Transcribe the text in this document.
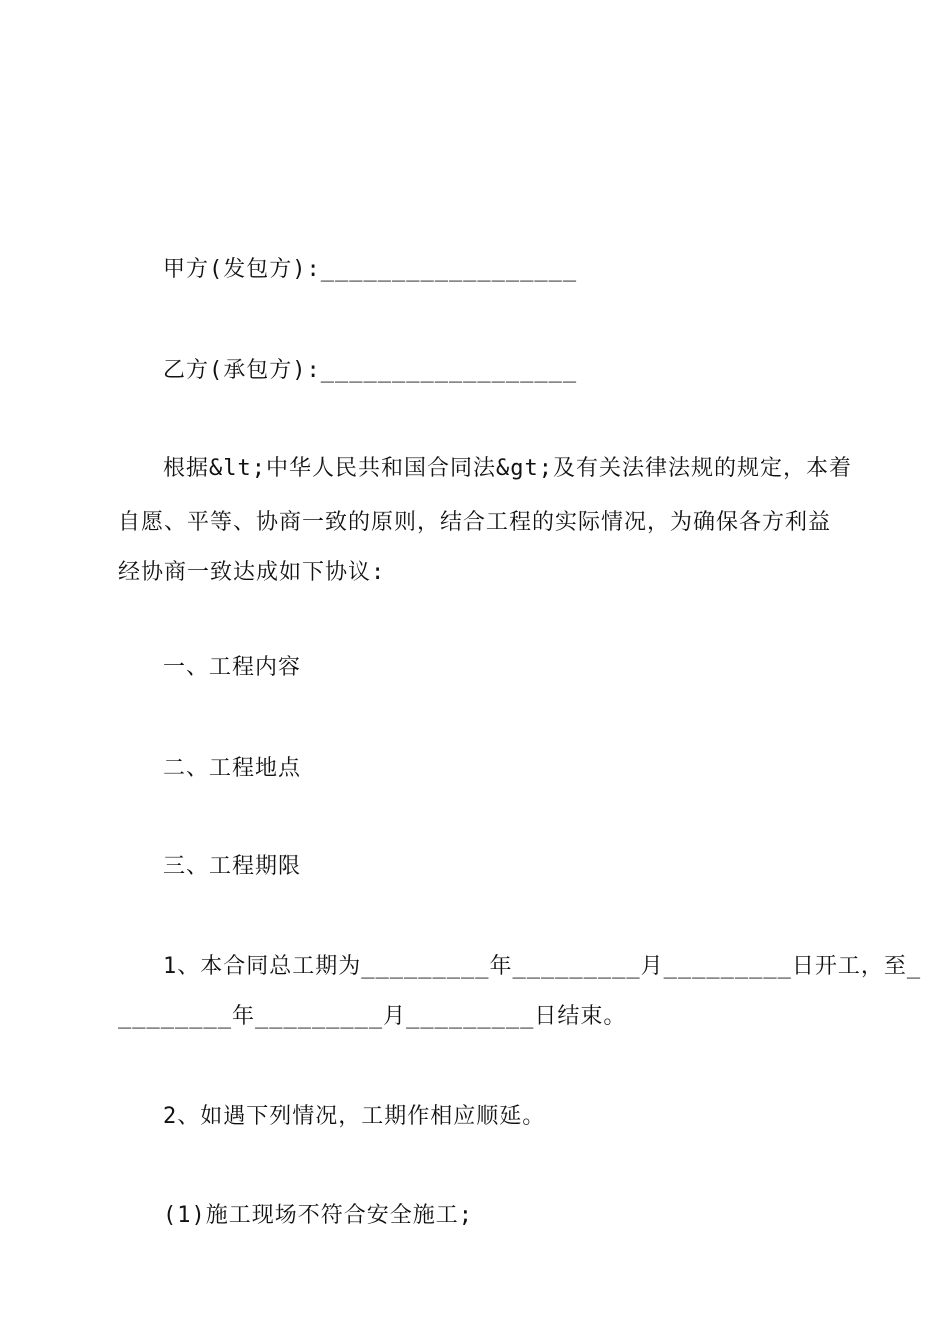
甲方(发包方):__________________
乙方(承包方):__________________
根据&lt;中华人民共和国合同法&gt;及有关法律法规的规定，本着
自愿、平等、协商一致的原则，结合工程的实际情况，为确保各方利益
经协商一致达成如下协议:
一、工程内容
二、工程地点
三、工程期限
1、本合同总工期为_________年_________月_________日开工，至_
________年_________月_________日结束。
2、如遇下列情况，工期作相应顺延。
(1)施工现场不符合安全施工;
